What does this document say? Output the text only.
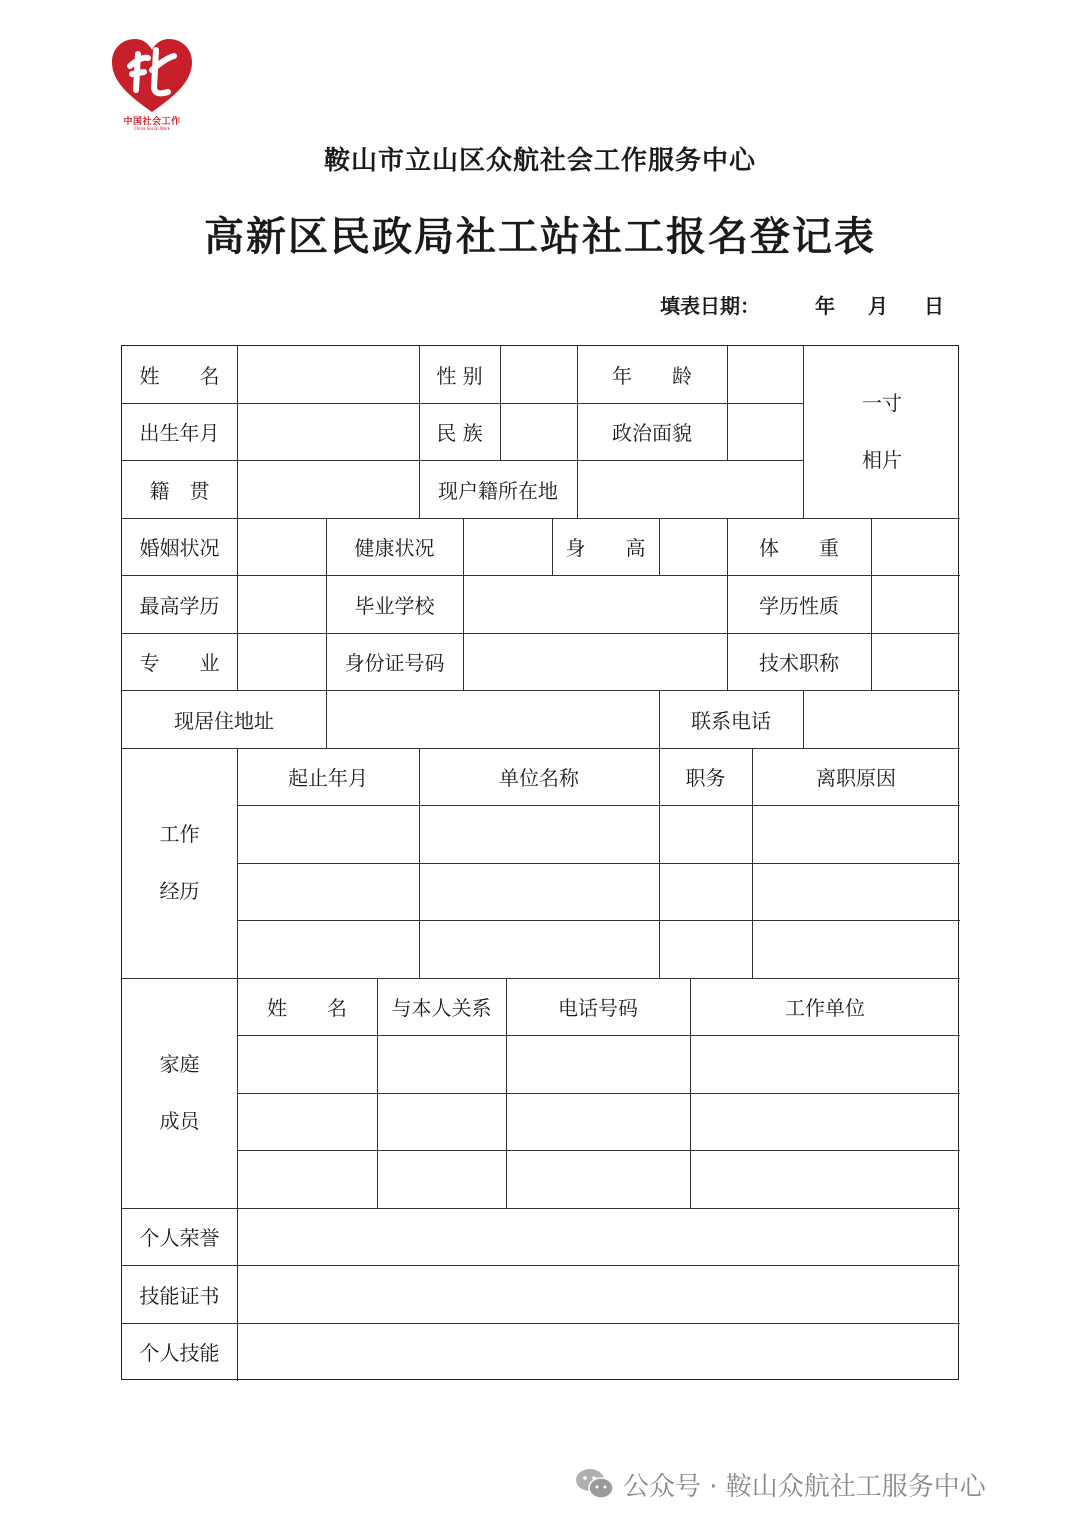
中国社会工作
China Social Work
鞍山市立山区众航社会工作服务中心
高新区民政局社工站社工报名登记表
填表日期：	年 月 日
姓　　名	性 别	年　　龄
一寸
相片
出生年月	民 族	政治面貌
籍　贯	现户籍所在地
婚姻状况	健康状况	身　　高	体　　重
最高学历	毕业学校	学历性质
专　　业	身份证号码	技术职称
现居住地址	联系电话
工作
经历
起止年月	单位名称	职务	离职原因
家庭
成员
姓　　名	与本人关系	电话号码	工作单位
个人荣誉
技能证书
个人技能
公众号 · 鞍山众航社工服务中心
